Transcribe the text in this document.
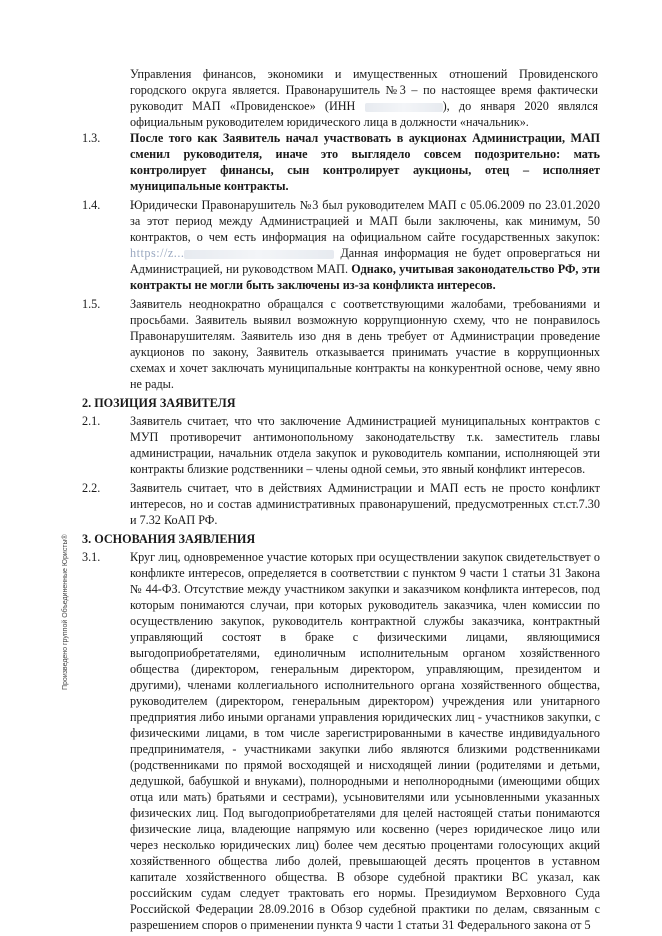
Управления финансов, экономики и имущественных отношений Провиденского городского округа является. Правонарушитель №3 – по настоящее время фактически руководит МАП «Провиденское» (ИНН	), до января 2020 являлся официальным руководителем юридического лица в должности «начальник».

1.3.	После того как Заявитель начал участвовать в аукционах Администрации, МАП сменил руководителя, иначе это выглядело совсем подозрительно: мать контролирует финансы, сын контролирует аукционы, отец – исполняет муниципальные контракты.

1.4.	Юридически Правонарушитель №3 был руководителем МАП с 05.06.2009 по 23.01.2020 за этот период между Администрацией и МАП были заключены, как минимум, 50 контрактов, о чем есть информация на официальном сайте государственных закупок: https://z...	Данная информация не будет опровергаться ни Администрацией, ни руководством МАП. Однако, учитывая законодательство РФ, эти контракты не могли быть заключены из-за конфликта интересов.

1.5.	Заявитель неоднократно обращался с соответствующими жалобами, требованиями и просьбами. Заявитель выявил возможную коррупционную схему, что не понравилось Правонарушителям. Заявитель изо дня в день требует от Администрации проведение аукционов по закону, Заявитель отказывается принимать участие в коррупционных схемах и хочет заключать муниципальные контракты на конкурентной основе, чему явно не рады.

2. ПОЗИЦИЯ ЗАЯВИТЕЛЯ
2.1.	Заявитель считает, что что заключение Администрацией муниципальных контрактов с МУП противоречит антимонопольному законодательству т.к. заместитель главы администрации, начальник отдела закупок и руководитель компании, исполняющей эти контракты близкие родственники – члены одной семьи, это явный конфликт интересов.

2.2.	Заявитель считает, что в действиях Администрации и МАП есть не просто конфликт интересов, но и состав административных правонарушений, предусмотренных ст.ст.7.30 и 7.32 КоАП РФ.

3. ОСНОВАНИЯ ЗАЯВЛЕНИЯ
3.1.	Круг лиц, одновременное участие которых при осуществлении закупок свидетельствует о конфликте интересов, определяется в соответствии с пунктом 9 части 1 статьи 31 Закона № 44-ФЗ. Отсутствие между участником закупки и заказчиком конфликта интересов, под которым понимаются случаи, при которых руководитель заказчика, член комиссии по осуществлению закупок, руководитель контрактной службы заказчика, контрактный управляющий состоят в браке с физическими лицами, являющимися выгодоприобретателями, единоличным исполнительным органом хозяйственного общества (директором, генеральным директором, управляющим, президентом и другими), членами коллегиального исполнительного органа хозяйственного общества, руководителем (директором, генеральным директором) учреждения или унитарного предприятия либо иными органами управления юридических лиц - участников закупки, с физическими лицами, в том числе зарегистрированными в качестве индивидуального предпринимателя, - участниками закупки либо являются близкими родственниками (родственниками по прямой восходящей и нисходящей линии (родителями и детьми, дедушкой, бабушкой и внуками), полнородными и неполнородными (имеющими общих отца или мать) братьями и сестрами), усыновителями или усыновленными указанных физических лиц. Под выгодоприобретателями для целей настоящей статьи понимаются физические лица, владеющие напрямую или косвенно (через юридическое лицо или через несколько юридических лиц) более чем десятью процентами голосующих акций хозяйственного общества либо долей, превышающей десять процентов в уставном капитале хозяйственного общества. В обзоре судебной практики ВС указал, как российским судам следует трактовать его нормы. Президиумом Верховного Суда Российской Федерации 28.09.2016 в Обзор судебной практики по делам, связанным с разрешением споров о применении пункта 9 части 1 статьи 31 Федерального закона от 5

Произведено группой Объединенные Юристы®
